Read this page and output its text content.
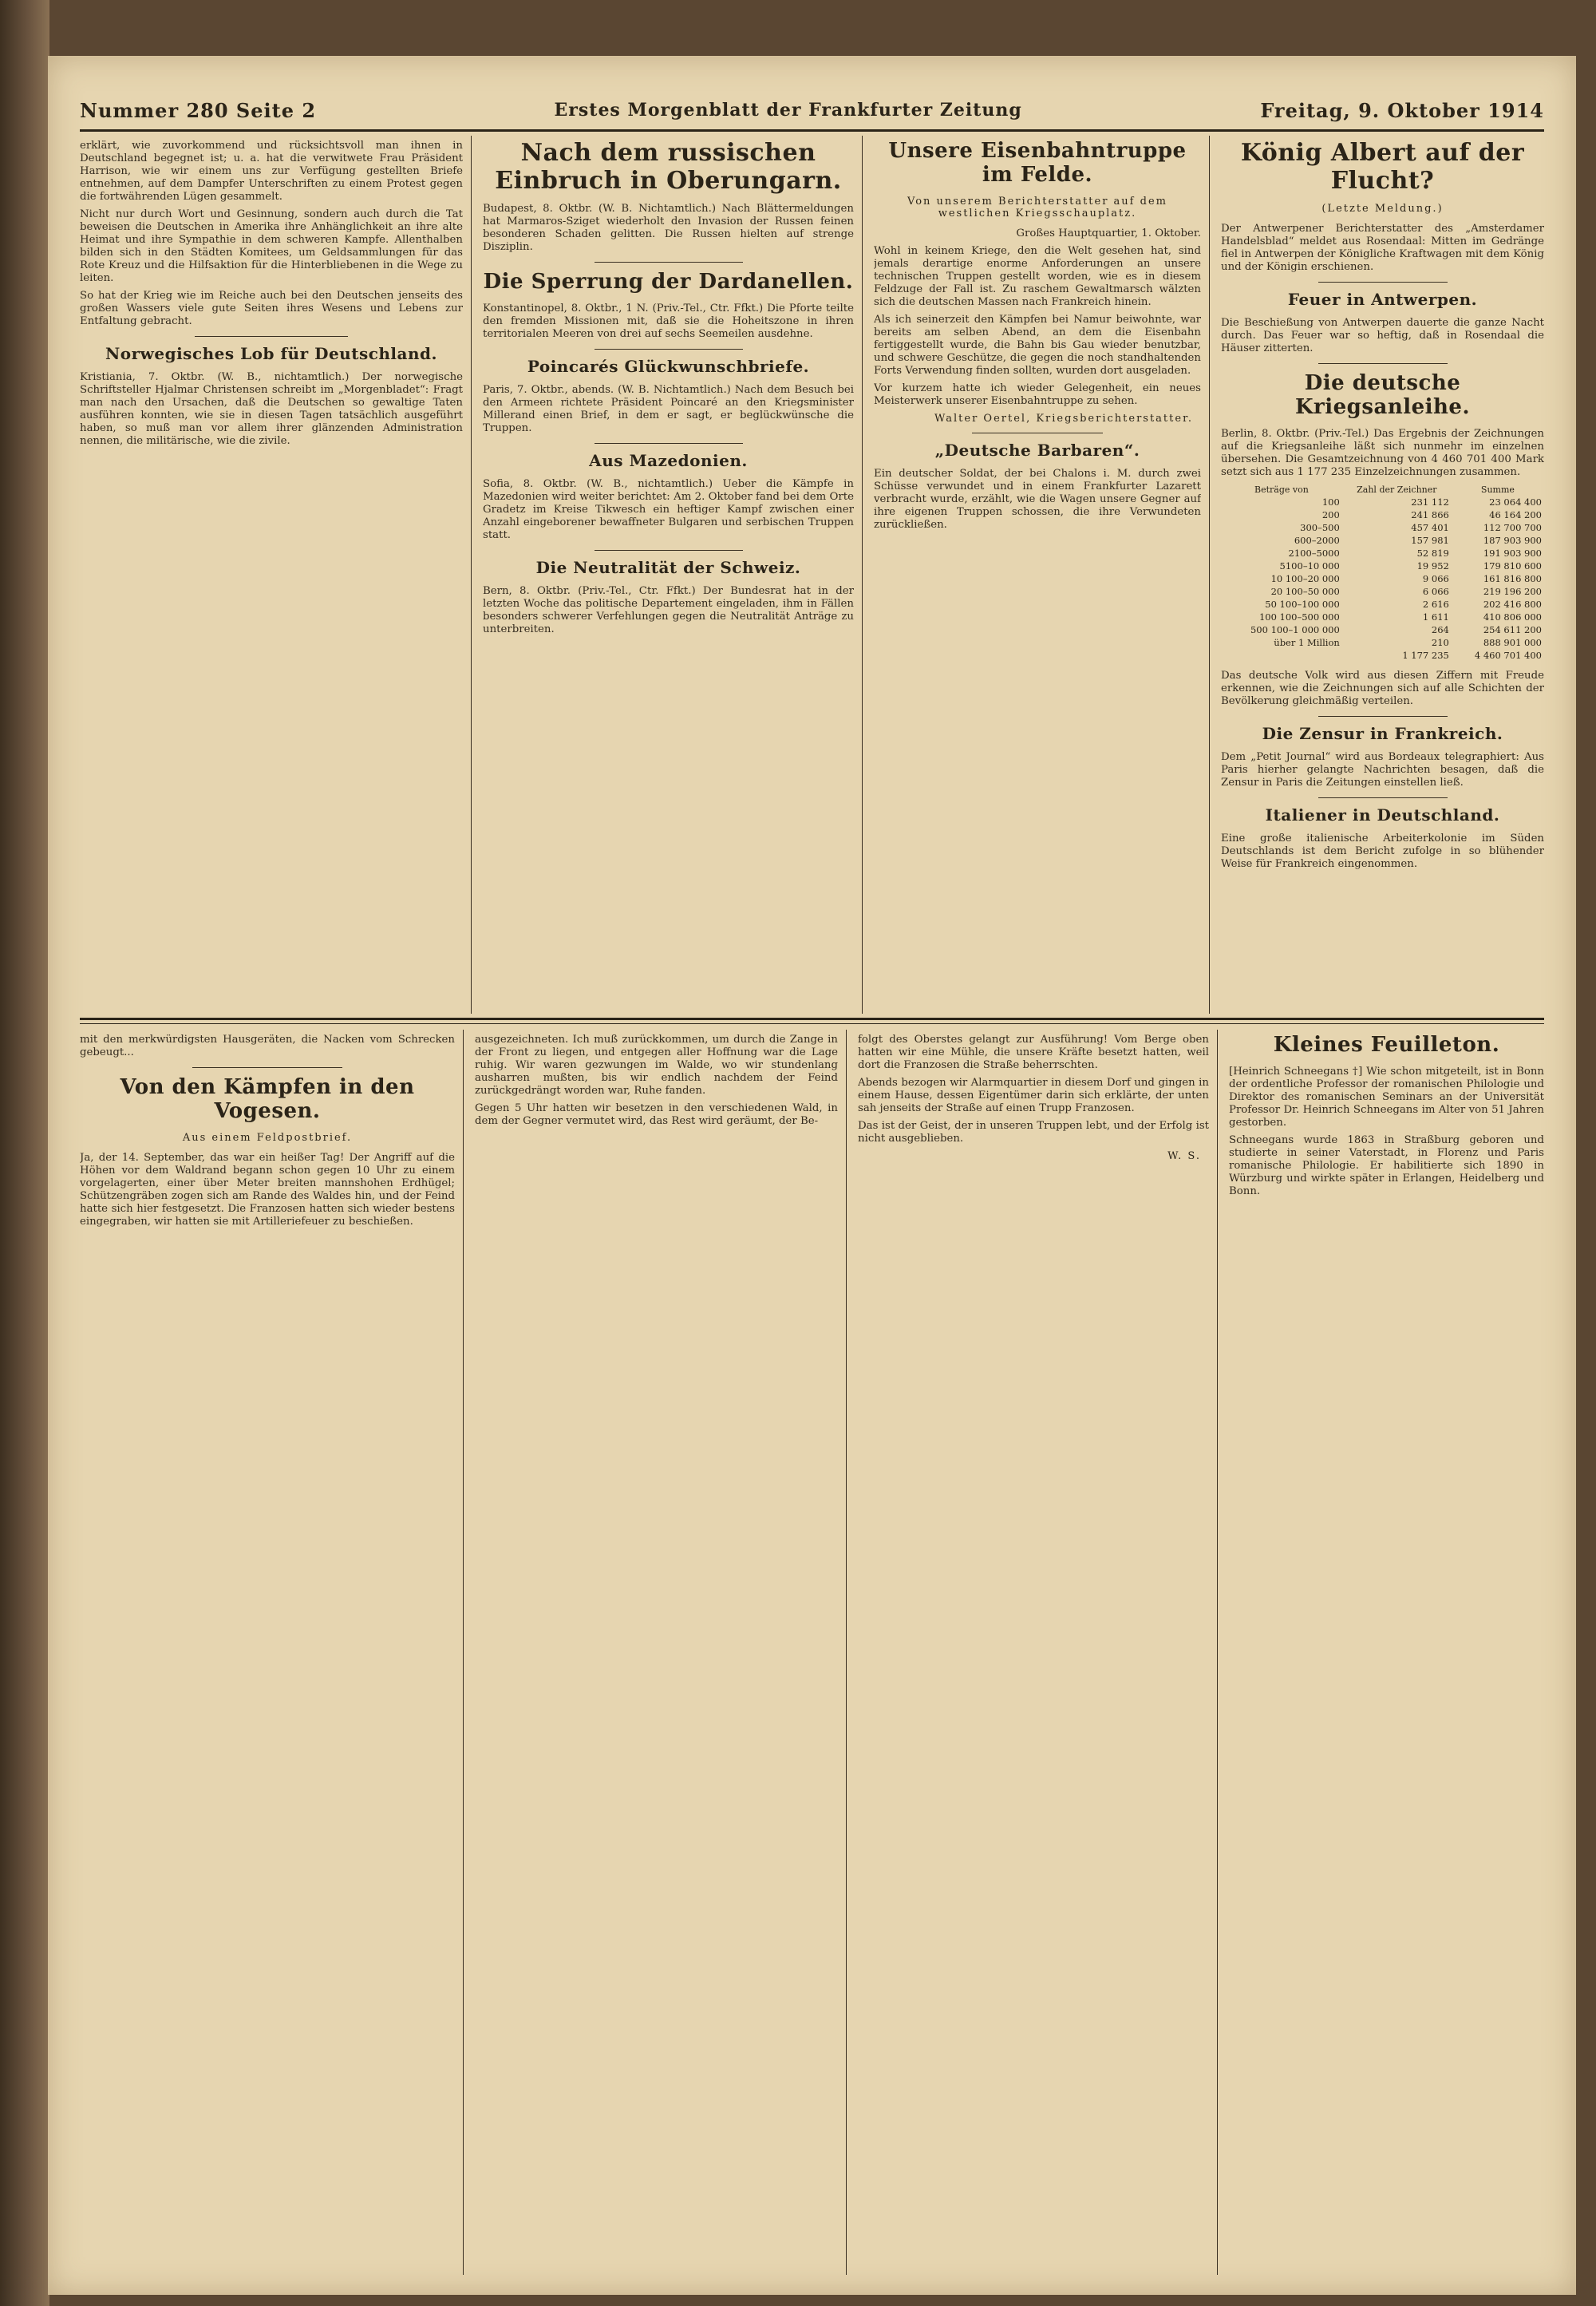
Nummer 280 Seite 2	Erstes Morgenblatt der Frankfurter Zeitung	Freitag, 9. Oktober 1914

erklärt, wie zuvorkommend und rücksichtsvoll man ihnen in Deutschland begegnet ist; u. a. hat die verwitwete Frau Präsident Harrison, wie wir einem uns zur Verfügung gestellten Briefe entnehmen, auf dem Dampfer Unterschriften zu einem Protest gegen die fortwährenden Lügen gesammelt.

Nicht nur durch Wort und Gesinnung, sondern auch durch die Tat beweisen die Deutschen in Amerika ihre Anhänglichkeit an ihre alte Heimat und ihre Sympathie in dem schweren Kampfe. Allenthalben bilden sich in den Städten Komitees, um Geldsammlungen für das Rote Kreuz und die Hilfsaktion für die Hinterbliebenen in die Wege zu leiten.

So hat der Krieg wie im Reiche auch bei den Deutschen jenseits des großen Wassers viele gute Seiten ihres Wesens und Lebens zur Entfaltung gebracht.

Norwegisches Lob für Deutschland.

Kristiania, 7. Oktbr. (W. B., nichtamtlich.) Der norwegische Schriftsteller Hjalmar Christensen schreibt im „Morgenbladet“: Fragt man nach den Ursachen, daß die Deutschen so gewaltige Taten ausführen konnten, wie sie in diesen Tagen tatsächlich ausgeführt haben, so muß man vor allem ihrer glänzenden Administration nennen, die militärische, wie die zivile.

Nach dem russischen Einbruch in Oberungarn.

Budapest, 8. Oktbr. (W. B. Nichtamtlich.) Nach Blättermeldungen hat Marmaros-Sziget wiederholt den Invasion der Russen feinen besonderen Schaden gelitten. Die Russen hielten auf strenge Disziplin.

Die Sperrung der Dardanellen.

Konstantinopel, 8. Oktbr., 1 N. (Priv.-Tel., Ctr. Ffkt.) Die Pforte teilte den fremden Missionen mit, daß sie die Hoheitszone in ihren territorialen Meeren von drei auf sechs Seemeilen ausdehne.

Poincarés Glückwunschbriefe.

Paris, 7. Oktbr., abends. (W. B. Nichtamtlich.) Nach dem Besuch bei den Armeen richtete Präsident Poincaré an den Kriegsminister Millerand einen Brief, in dem er sagt, er beglückwünsche die Truppen.

Aus Mazedonien.

Sofia, 8. Oktbr. (W. B., nichtamtlich.) Ueber die Kämpfe in Mazedonien wird weiter berichtet: Am 2. Oktober fand bei dem Orte Gradetz im Kreise Tikwesch ein heftiger Kampf zwischen einer Anzahl eingeborener bewaffneter Bulgaren und serbischen Truppen statt.

Die Neutralität der Schweiz.

Bern, 8. Oktbr. (Priv.-Tel., Ctr. Ffkt.) Der Bundesrat hat in der letzten Woche das politische Departement eingeladen, ihm in Fällen besonders schwerer Verfehlungen gegen die Neutralität Anträge zu unterbreiten.

Unsere Eisenbahntruppe im Felde.
Von unserem Berichterstatter auf dem westlichen Kriegsschauplatz.

Großes Hauptquartier, 1. Oktober.

Wohl in keinem Kriege, den die Welt gesehen hat, sind jemals derartige enorme Anforderungen an unsere technischen Truppen gestellt worden, wie es in diesem Feldzuge der Fall ist. Zu raschem Gewaltmarsch wälzten sich die deutschen Massen nach Frankreich hinein.

Als ich seinerzeit den Kämpfen bei Namur beiwohnte, war bereits am selben Abend, an dem die Eisenbahn fertiggestellt wurde, die Bahn bis Gau wieder benutzbar, und schwere Geschütze, die gegen die noch standhaltenden Forts Verwendung finden sollten, wurden dort ausgeladen.

Vor kurzem hatte ich wieder Gelegenheit, ein neues Meisterwerk unserer Eisenbahntruppe zu sehen.

Walter Oertel, Kriegsberichterstatter.
„Deutsche Barbaren“.

Ein deutscher Soldat, der bei Chalons i. M. durch zwei Schüsse verwundet und in einem Frankfurter Lazarett verbracht wurde, erzählt, wie die Wagen unsere Gegner auf ihre eigenen Truppen schossen, die ihre Verwundeten zurückließen.

König Albert auf der Flucht?
(Letzte Meldung.)

Der Antwerpener Berichterstatter des „Amsterdamer Handelsblad“ meldet aus Rosendaal: Mitten im Gedränge fiel in Antwerpen der Königliche Kraftwagen mit dem König und der Königin erschienen.

Feuer in Antwerpen.

Die Beschießung von Antwerpen dauerte die ganze Nacht durch. Das Feuer war so heftig, daß in Rosendaal die Häuser zitterten.

Die deutsche Kriegsanleihe.

Berlin, 8. Oktbr. (Priv.-Tel.) Das Ergebnis der Zeichnungen auf die Kriegsanleihe läßt sich nunmehr im einzelnen übersehen. Die Gesamtzeichnung von 4 460 701 400 Mark setzt sich aus 1 177 235 Einzelzeichnungen zusammen.

Beträge von	Zahl der Zeichner	Summe
100	231 112	23 064 400
200	241 866	46 164 200
300–500	457 401	112 700 700
600–2000	157 981	187 903 900
2100–5000	52 819	191 903 900
5100–10 000	19 952	179 810 600
10 100–20 000	9 066	161 816 800
20 100–50 000	6 066	219 196 200
50 100–100 000	2 616	202 416 800
100 100–500 000	1 611	410 806 000
500 100–1 000 000	264	254 611 200
über 1 Million	210	888 901 000
	1 177 235	4 460 701 400

Das deutsche Volk wird aus diesen Ziffern mit Freude erkennen, wie die Zeichnungen sich auf alle Schichten der Bevölkerung gleichmäßig verteilen.

Die Zensur in Frankreich.

Dem „Petit Journal“ wird aus Bordeaux telegraphiert: Aus Paris hierher gelangte Nachrichten besagen, daß die Zensur in Paris die Zeitungen einstellen ließ.

Italiener in Deutschland.

Eine große italienische Arbeiterkolonie im Süden Deutschlands ist dem Bericht zufolge in so blühender Weise für Frankreich eingenommen.

mit den merkwürdigsten Hausgeräten, die Nacken vom Schrecken gebeugt...

Von den Kämpfen in den Vogesen.
Aus einem Feldpostbrief.

Ja, der 14. September, das war ein heißer Tag! Der Angriff auf die Höhen vor dem Waldrand begann schon gegen 10 Uhr zu einem vorgelagerten, einer über Meter breiten mannshohen Erdhügel; Schützengräben zogen sich am Rande des Waldes hin, und der Feind hatte sich hier festgesetzt. Die Franzosen hatten sich wieder bestens eingegraben, wir hatten sie mit Artilleriefeuer zu beschießen.

ausgezeichneten. Ich muß zurückkommen, um durch die Zange in der Front zu liegen, und entgegen aller Hoffnung war die Lage ruhig. Wir waren gezwungen im Walde, wo wir stundenlang ausharren mußten, bis wir endlich nachdem der Feind zurückgedrängt worden war, Ruhe fanden.

Gegen 5 Uhr hatten wir besetzen in den verschiedenen Wald, in dem der Gegner vermutet wird, das Rest wird geräumt, der Be-

folgt des Oberstes gelangt zur Ausführung! Vom Berge oben hatten wir eine Mühle, die unsere Kräfte besetzt hatten, weil dort die Franzosen die Straße beherrschten.

Abends bezogen wir Alarmquartier in diesem Dorf und gingen in einem Hause, dessen Eigentümer darin sich erklärte, der unten sah jenseits der Straße auf einen Trupp Franzosen.

Das ist der Geist, der in unseren Truppen lebt, und der Erfolg ist nicht ausgeblieben.

W. S.
Kleines Feuilleton.

[Heinrich Schneegans †] Wie schon mitgeteilt, ist in Bonn der ordentliche Professor der romanischen Philologie und Direktor des romanischen Seminars an der Universität Professor Dr. Heinrich Schneegans im Alter von 51 Jahren gestorben.

Schneegans wurde 1863 in Straßburg geboren und studierte in seiner Vaterstadt, in Florenz und Paris romanische Philologie. Er habilitierte sich 1890 in Würzburg und wirkte später in Erlangen, Heidelberg und Bonn.
